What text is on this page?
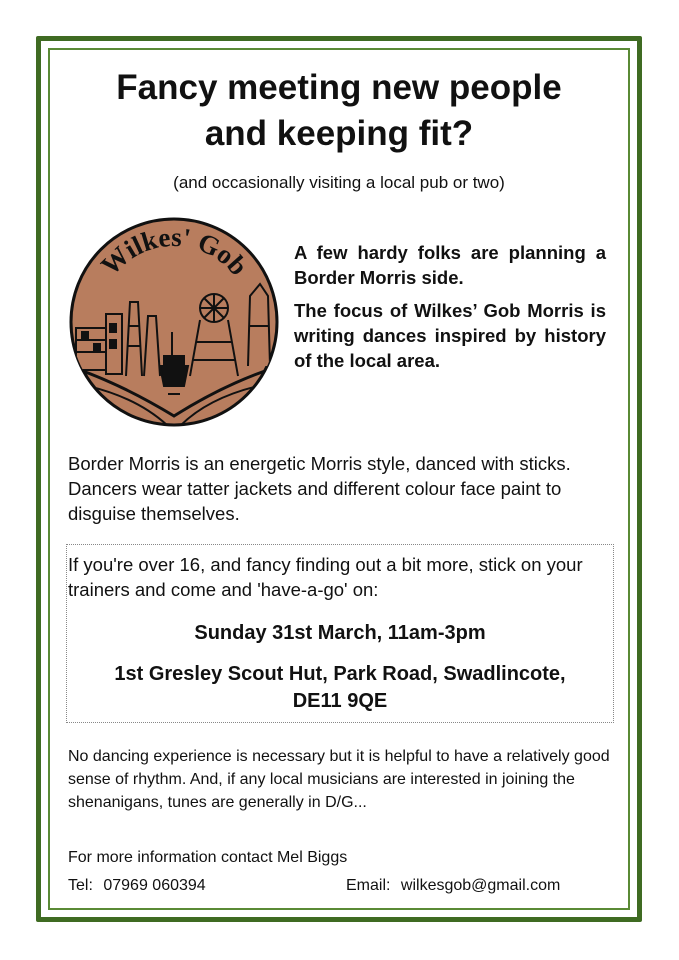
Fancy meeting new people
and keeping fit?
(and occasionally visiting a local pub or two)
Wilkes' Gob A few hardy folks are planning a Border Morris side.

The focus of Wilkes’ Gob Morris is writing dances inspired by history of the local area.

Border Morris is an energetic Morris style, danced with sticks. Dancers wear tatter jackets and different colour face paint to disguise themselves.
If you're over 16, and fancy finding out a bit more, stick on your trainers and come and 'have-a-go' on:
Sunday 31st March, 11am-3pm
1st Gresley Scout Hut, Park Road, Swadlincote,
DE11 9QE
No dancing experience is necessary but it is helpful to have a relatively good sense of rhythm. And, if any local musicians are interested in joining the shenanigans, tunes are generally in D/G...
For more information contact Mel Biggs
Tel: 07969 060394	Email: wilkesgob@gmail.com
